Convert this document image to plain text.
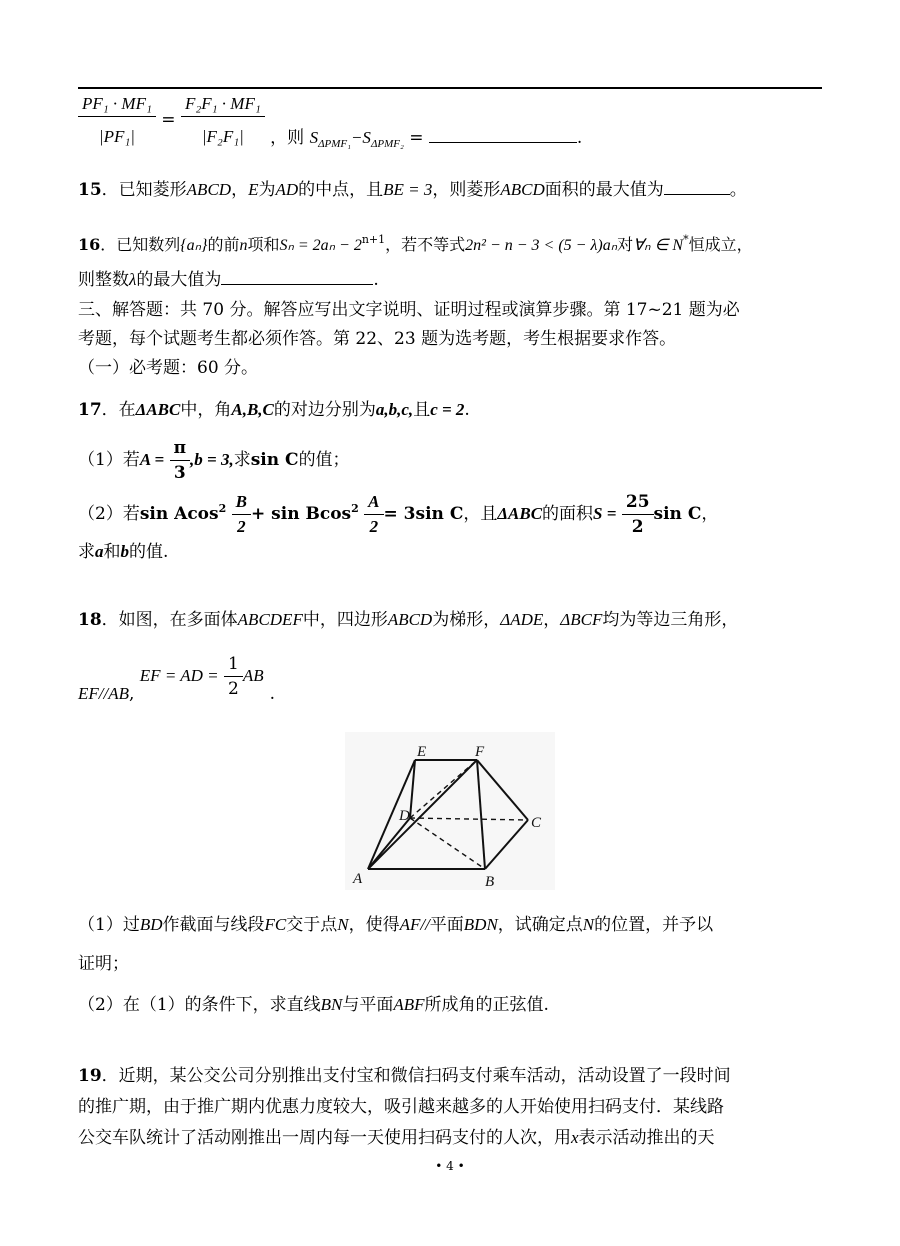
$\frac{\text{PF₁ · MF₁}}{\text{|PF₁|}} = \frac{\text{F₂F₁ · MF₁}}{\text{|F₂F₁|}}$ ，则 $S_{\Delta PMF_1}-S_{\Delta PMF_2}$ =	.
15．已知菱形ABCD，E为AD的中点，且BE = 3，则菱形ABCD面积的最大值为	。
16．已知数列{aₙ}的前n项和$S_n = 2a_n - 2^{n+1}$，若不等式2n² − n − 3 < (5 − λ)aₙ对∀ₙ ∈ N*恒成立，
则整数λ的最大值为	.
三、解答题：共 70 分。解答应写出文字说明、证明过程或演算步骤。第 17~21 题为必
考题，每个试题考生都必须作答。第 22、23 题为选考题，考生根据要求作答。
（一）必考题：60 分。
17．在ΔABC中，角A,B,C的对边分别为a,b,c,且c = 2.
（1）若$A = \frac{\pi}{3} ,b = 3$,求sin C的值；
（2）若$\sin Acos^2 \frac{B}{2} + \sin Bcos^2 \frac{A}{2} = 3\sin$ C，且ΔABC的面积$S = \frac{25}{2}$ sin C，
求a和b的值.
18．如图，在多面体ABCDEF中，四边形ABCD为梯形，ΔADE，ΔBCF均为等边三角形，
EF//AB, EF = AD = $\frac{1}{2}$ AB.
E	F
D	C
A	B
（1）过BD作截面与线段FC交于点N，使得AF//平面BDN，试确定点N的位置，并予以
证明；
（2）在（1）的条件下，求直线BN与平面ABF所成角的正弦值.
19．近期，某公交公司分别推出支付宝和微信扫码支付乘车活动，活动设置了一段时间
的推广期，由于推广期内优惠力度较大，吸引越来越多的人开始使用扫码支付．某线路
公交车队统计了活动刚推出一周内每一天使用扫码支付的人次，用x表示活动推出的天
• 4 •
